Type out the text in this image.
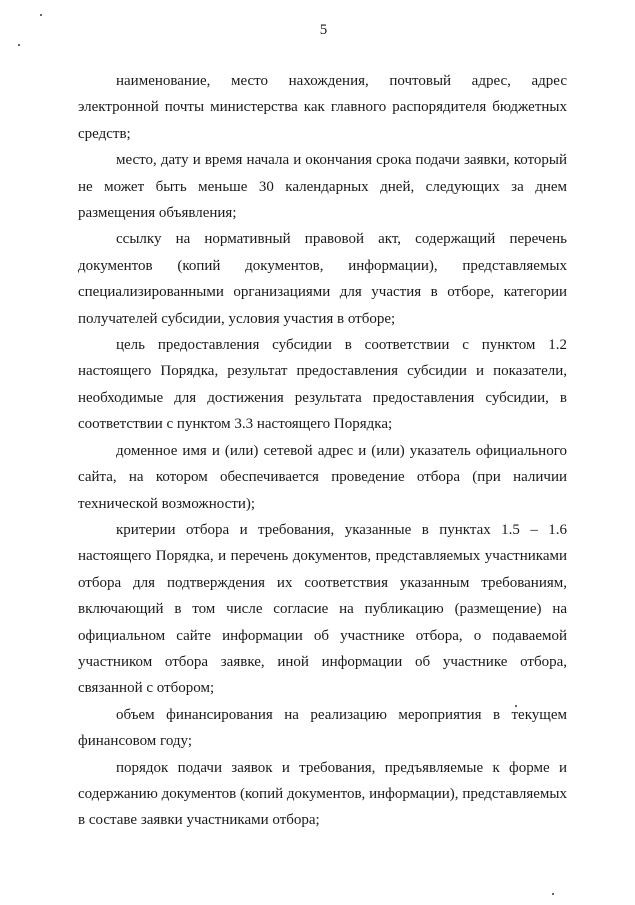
5

наименование, место нахождения, почтовый адрес, адрес электронной почты министерства как главного распорядителя бюджетных средств;

место, дату и время начала и окончания срока подачи заявки, который не может быть меньше 30 календарных дней, следующих за днем размещения объявления;

ссылку на нормативный правовой акт, содержащий перечень документов (копий документов, информации), представляемых специализированными организациями для участия в отборе, категории получателей субсидии, условия участия в отборе;

цель предоставления субсидии в соответствии с пунктом 1.2 настоящего Порядка, результат предоставления субсидии и показатели, необходимые для достижения результата предоставления субсидии, в соответствии с пунктом 3.3 настоящего Порядка;

доменное имя и (или) сетевой адрес и (или) указатель официального сайта, на котором обеспечивается проведение отбора (при наличии технической возможности);

критерии отбора и требования, указанные в пунктах 1.5 – 1.6 настоящего Порядка, и перечень документов, представляемых участниками отбора для подтверждения их соответствия указанным требованиям, включающий в том числе согласие на публикацию (размещение) на официальном сайте информации об участнике отбора, о подаваемой участником отбора заявке, иной информации об участнике отбора, связанной с отбором;

объем финансирования на реализацию мероприятия в текущем финансовом году;

порядок подачи заявок и требования, предъявляемые к форме и содержанию документов (копий документов, информации), представляемых в составе заявки участниками отбора;
